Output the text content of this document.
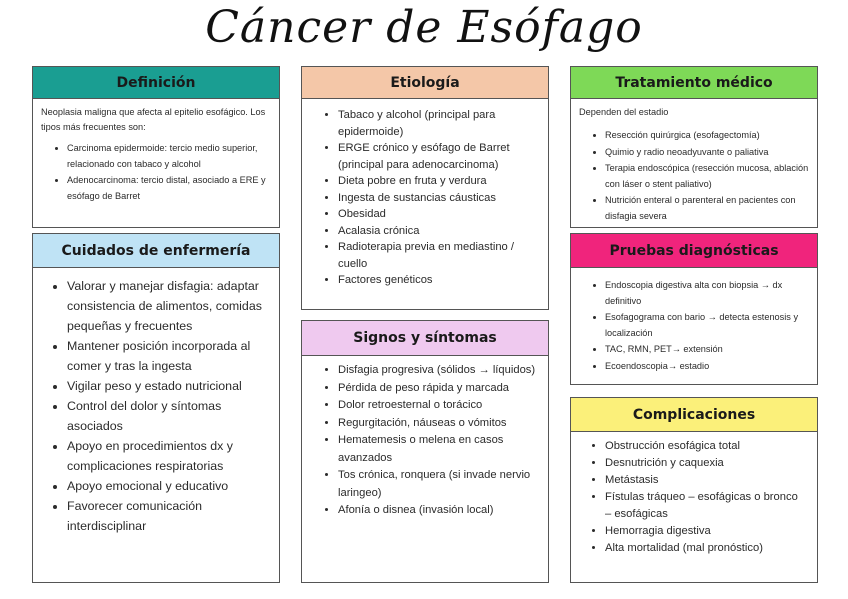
Cáncer de Esófago
Definición

Neoplasia maligna que afecta al epitelio esofágico. Los tipos más frecuentes son:

• Carcinoma epidermoide: tercio medio superior, relacionado con tabaco y alcohol
• Adenocarcinoma: tercio distal, asociado a ERE y esófago de Barret
Cuidados de enfermería
• Valorar y manejar disfagia: adaptar consistencia de alimentos, comidas pequeñas y frecuentes
• Mantener posición incorporada al comer y tras la ingesta
• Vigilar peso y estado nutricional
• Control del dolor y síntomas asociados
• Apoyo en procedimientos dx y complicaciones respiratorias
• Apoyo emocional y educativo
• Favorecer comunicación interdisciplinar
Etiología
• Tabaco y alcohol (principal para epidermoide)
• ERGE crónico y esófago de Barret (principal para adenocarcinoma)
• Dieta pobre en fruta y verdura
• Ingesta de sustancias cáusticas
• Obesidad
• Acalasia crónica
• Radioterapia previa en mediastino / cuello
• Factores genéticos
Signos y síntomas
• Disfagia progresiva (sólidos → líquidos)
• Pérdida de peso rápida y marcada
• Dolor retroesternal o torácico
• Regurgitación, náuseas o vómitos
• Hematemesis o melena en casos avanzados
• Tos crónica, ronquera (si invade nervio laringeo)
• Afonía o disnea (invasión local)
Tratamiento médico

Dependen del estadio

• Resección quirúrgica (esofagectomía)
• Quimio y radio neoadyuvante o paliativa
• Terapia endoscópica (resección mucosa, ablación con láser o stent paliativo)
• Nutrición enteral o parenteral en pacientes con disfagia severa
Pruebas diagnósticas
• Endoscopia digestiva alta con biopsia → dx definitivo
• Esofagograma con bario → detecta estenosis y localización
• TAC, RMN, PET→ extensión
• Ecoendoscopia→ estadio
Complicaciones
• Obstrucción esofágica total
• Desnutrición y caquexia
• Metástasis
• Fístulas tráqueo – esofágicas o bronco – esofágicas
• Hemorragia digestiva
• Alta mortalidad (mal pronóstico)
